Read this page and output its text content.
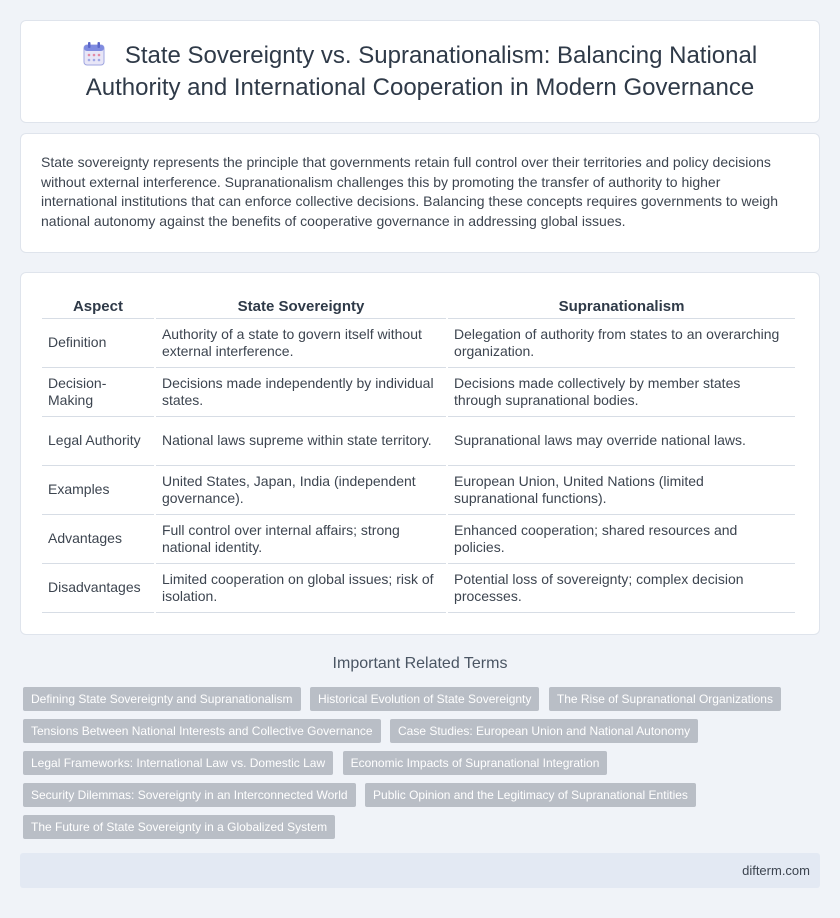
State Sovereignty vs. Supranationalism: Balancing National
Authority and International Cooperation in Modern Governance

State sovereignty represents the principle that governments retain full control over their territories and policy decisions without external interference. Supranationalism challenges this by promoting the transfer of authority to higher international institutions that can enforce collective decisions. Balancing these concepts requires governments to weigh national autonomy against the benefits of cooperative governance in addressing global issues.

Aspect	State Sovereignty	Supranationalism
Definition	Authority of a state to govern itself without external interference.	Delegation of authority from states to an overarching organization.
Decision-Making	Decisions made independently by individual states.	Decisions made collectively by member states through supranational bodies.
Legal Authority	National laws supreme within state territory.	Supranational laws may override national laws.
Examples	United States, Japan, India (independent governance).	European Union, United Nations (limited supranational functions).
Advantages	Full control over internal affairs; strong national identity.	Enhanced cooperation; shared resources and policies.
Disadvantages	Limited cooperation on global issues; risk of isolation.	Potential loss of sovereignty; complex decision processes.
Important Related Terms
Defining State Sovereignty and Supranationalism Historical Evolution of State Sovereignty The Rise of Supranational Organizations Tensions Between National Interests and Collective Governance Case Studies: European Union and National Autonomy Legal Frameworks: International Law vs. Domestic Law Economic Impacts of Supranational Integration Security Dilemmas: Sovereignty in an Interconnected World Public Opinion and the Legitimacy of Supranational Entities The Future of State Sovereignty in a Globalized System
difterm.com
